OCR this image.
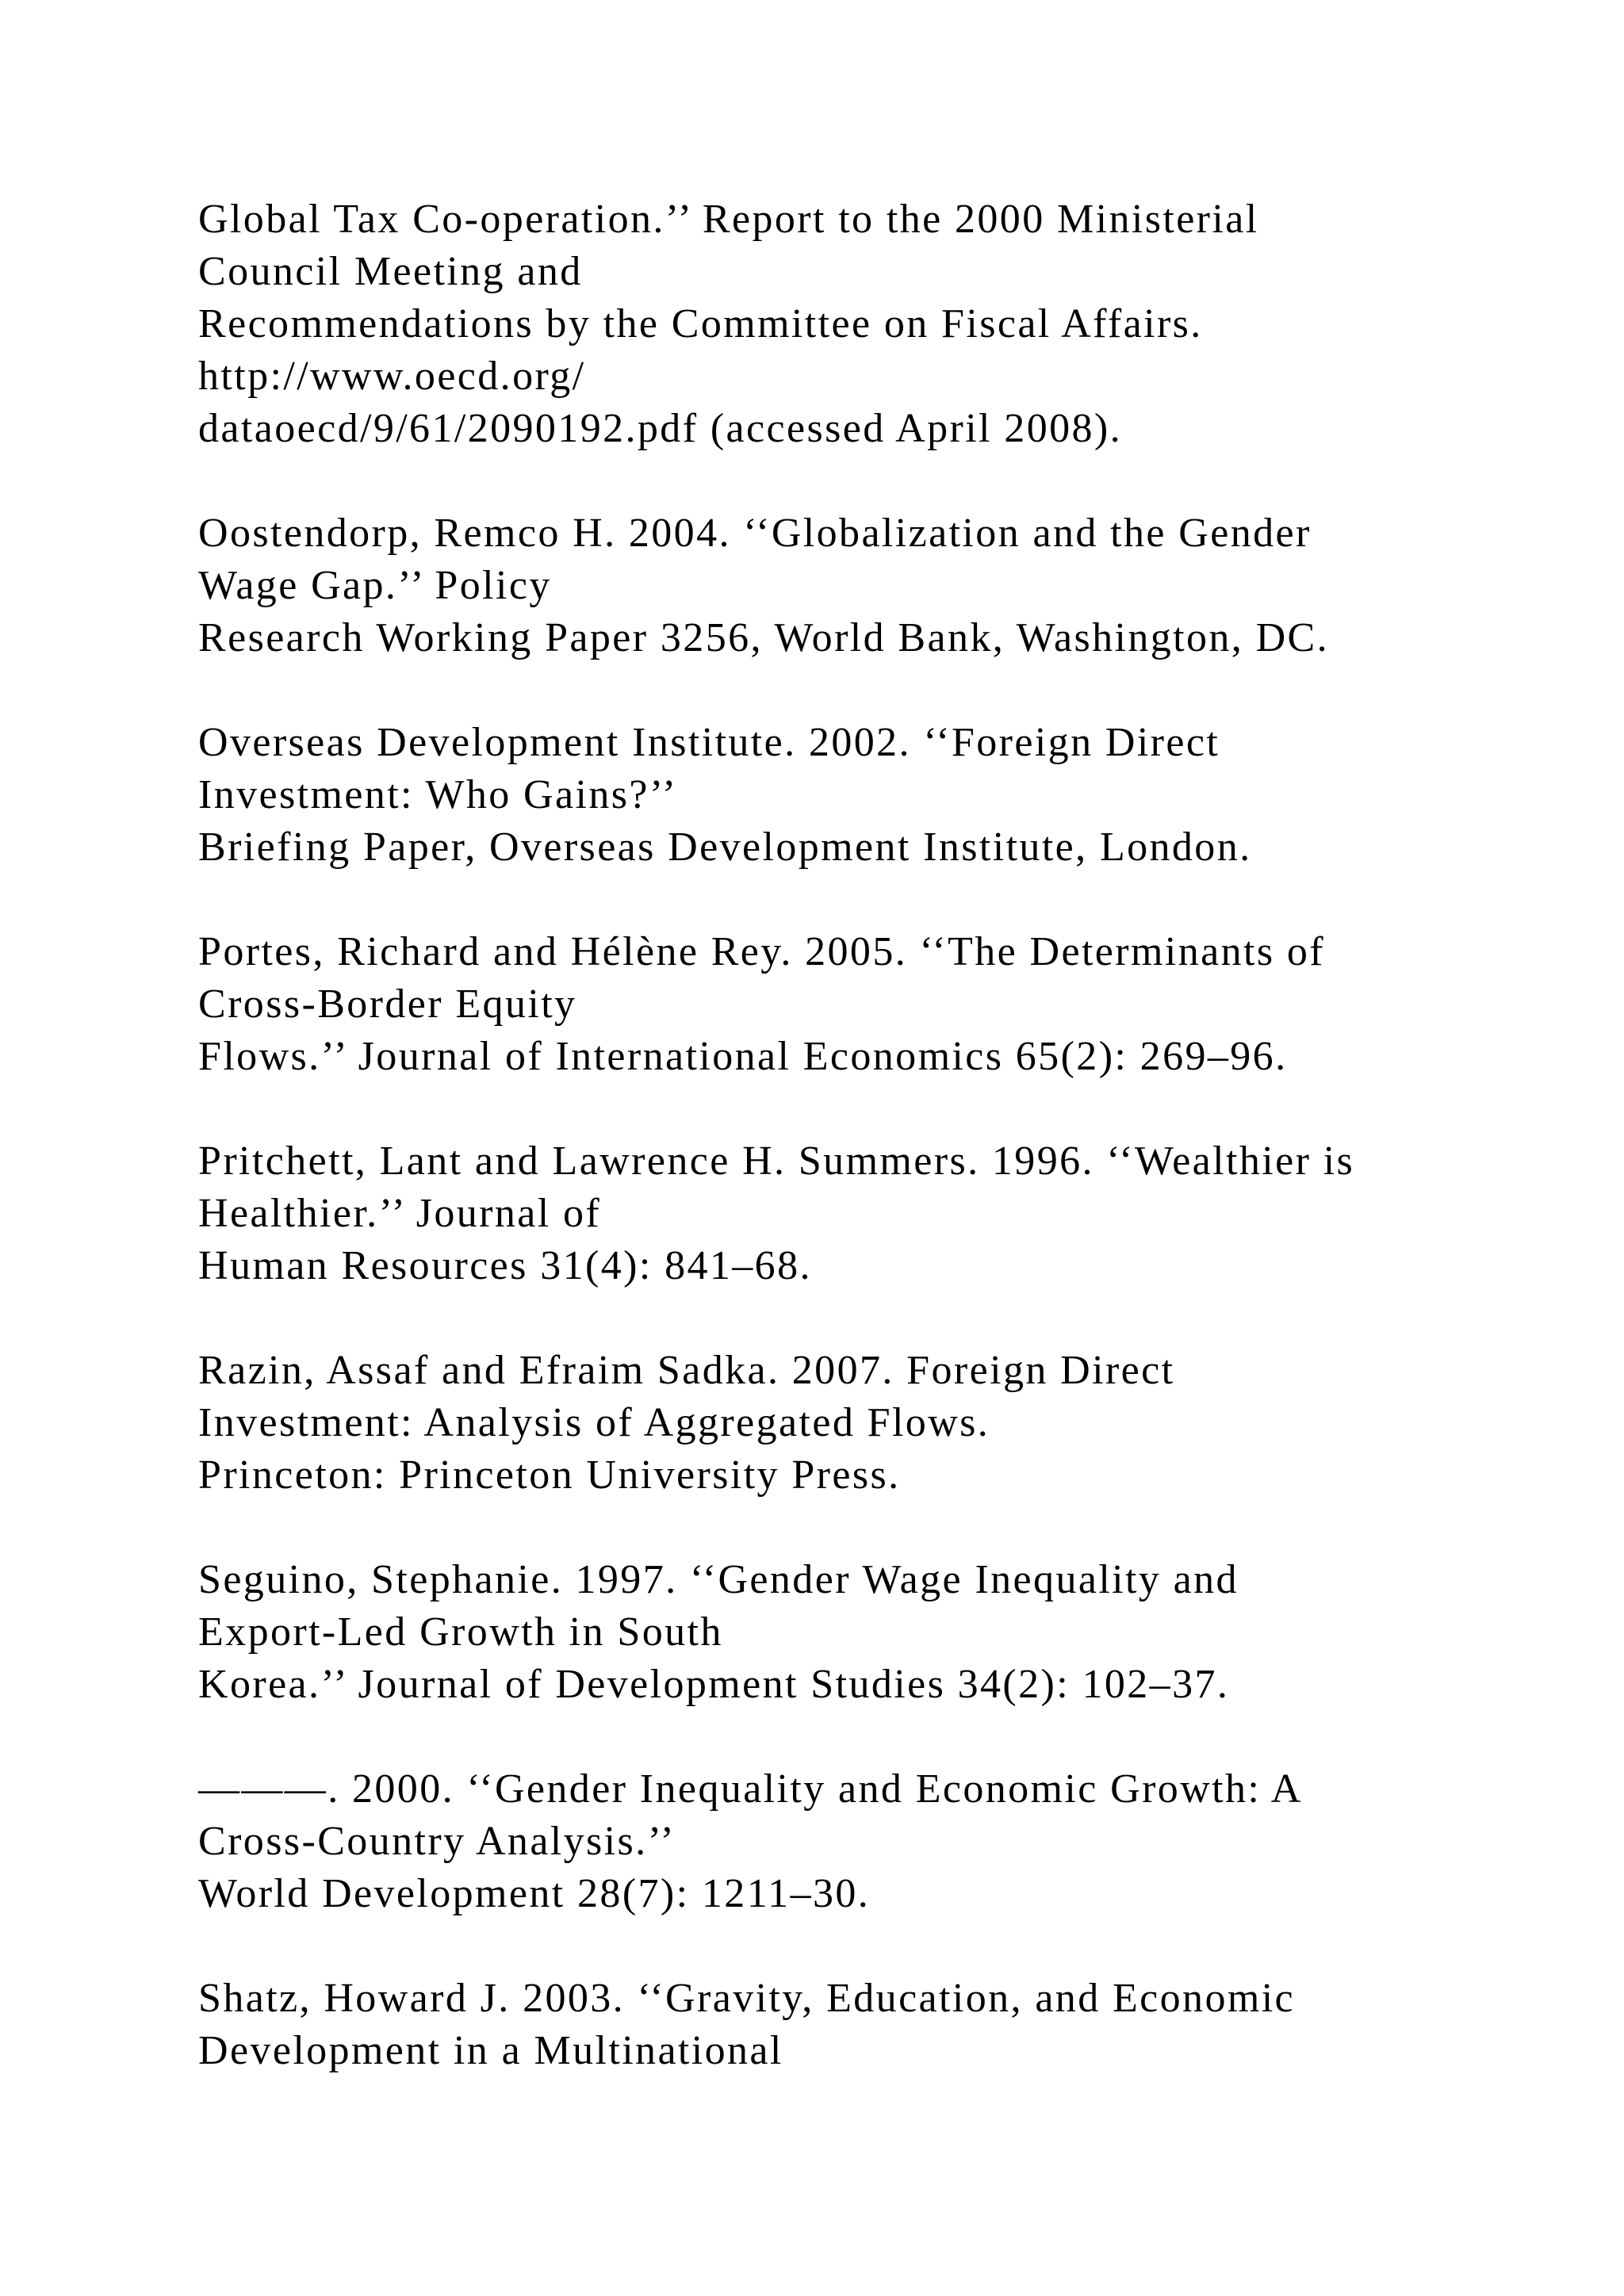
Global Tax Co-operation.’’ Report to the 2000 Ministerial
Council Meeting and
Recommendations by the Committee on Fiscal Affairs.
http://www.oecd.org/
dataoecd/9/61/2090192.pdf (accessed April 2008).
Oostendorp, Remco H. 2004. ‘‘Globalization and the Gender
Wage Gap.’’ Policy
Research Working Paper 3256, World Bank, Washington, DC.
Overseas Development Institute. 2002. ‘‘Foreign Direct
Investment: Who Gains?’’
Briefing Paper, Overseas Development Institute, London.
Portes, Richard and Hélène Rey. 2005. ‘‘The Determinants of
Cross-Border Equity
Flows.’’ Journal of International Economics 65(2): 269–96.
Pritchett, Lant and Lawrence H. Summers. 1996. ‘‘Wealthier is
Healthier.’’ Journal of
Human Resources 31(4): 841–68.
Razin, Assaf and Efraim Sadka. 2007. Foreign Direct
Investment: Analysis of Aggregated Flows.
Princeton: Princeton University Press.
Seguino, Stephanie. 1997. ‘‘Gender Wage Inequality and
Export-Led Growth in South
Korea.’’ Journal of Development Studies 34(2): 102–37.
———. 2000. ‘‘Gender Inequality and Economic Growth: A
Cross-Country Analysis.’’
World Development 28(7): 1211–30.
Shatz, Howard J. 2003. ‘‘Gravity, Education, and Economic
Development in a Multinational
